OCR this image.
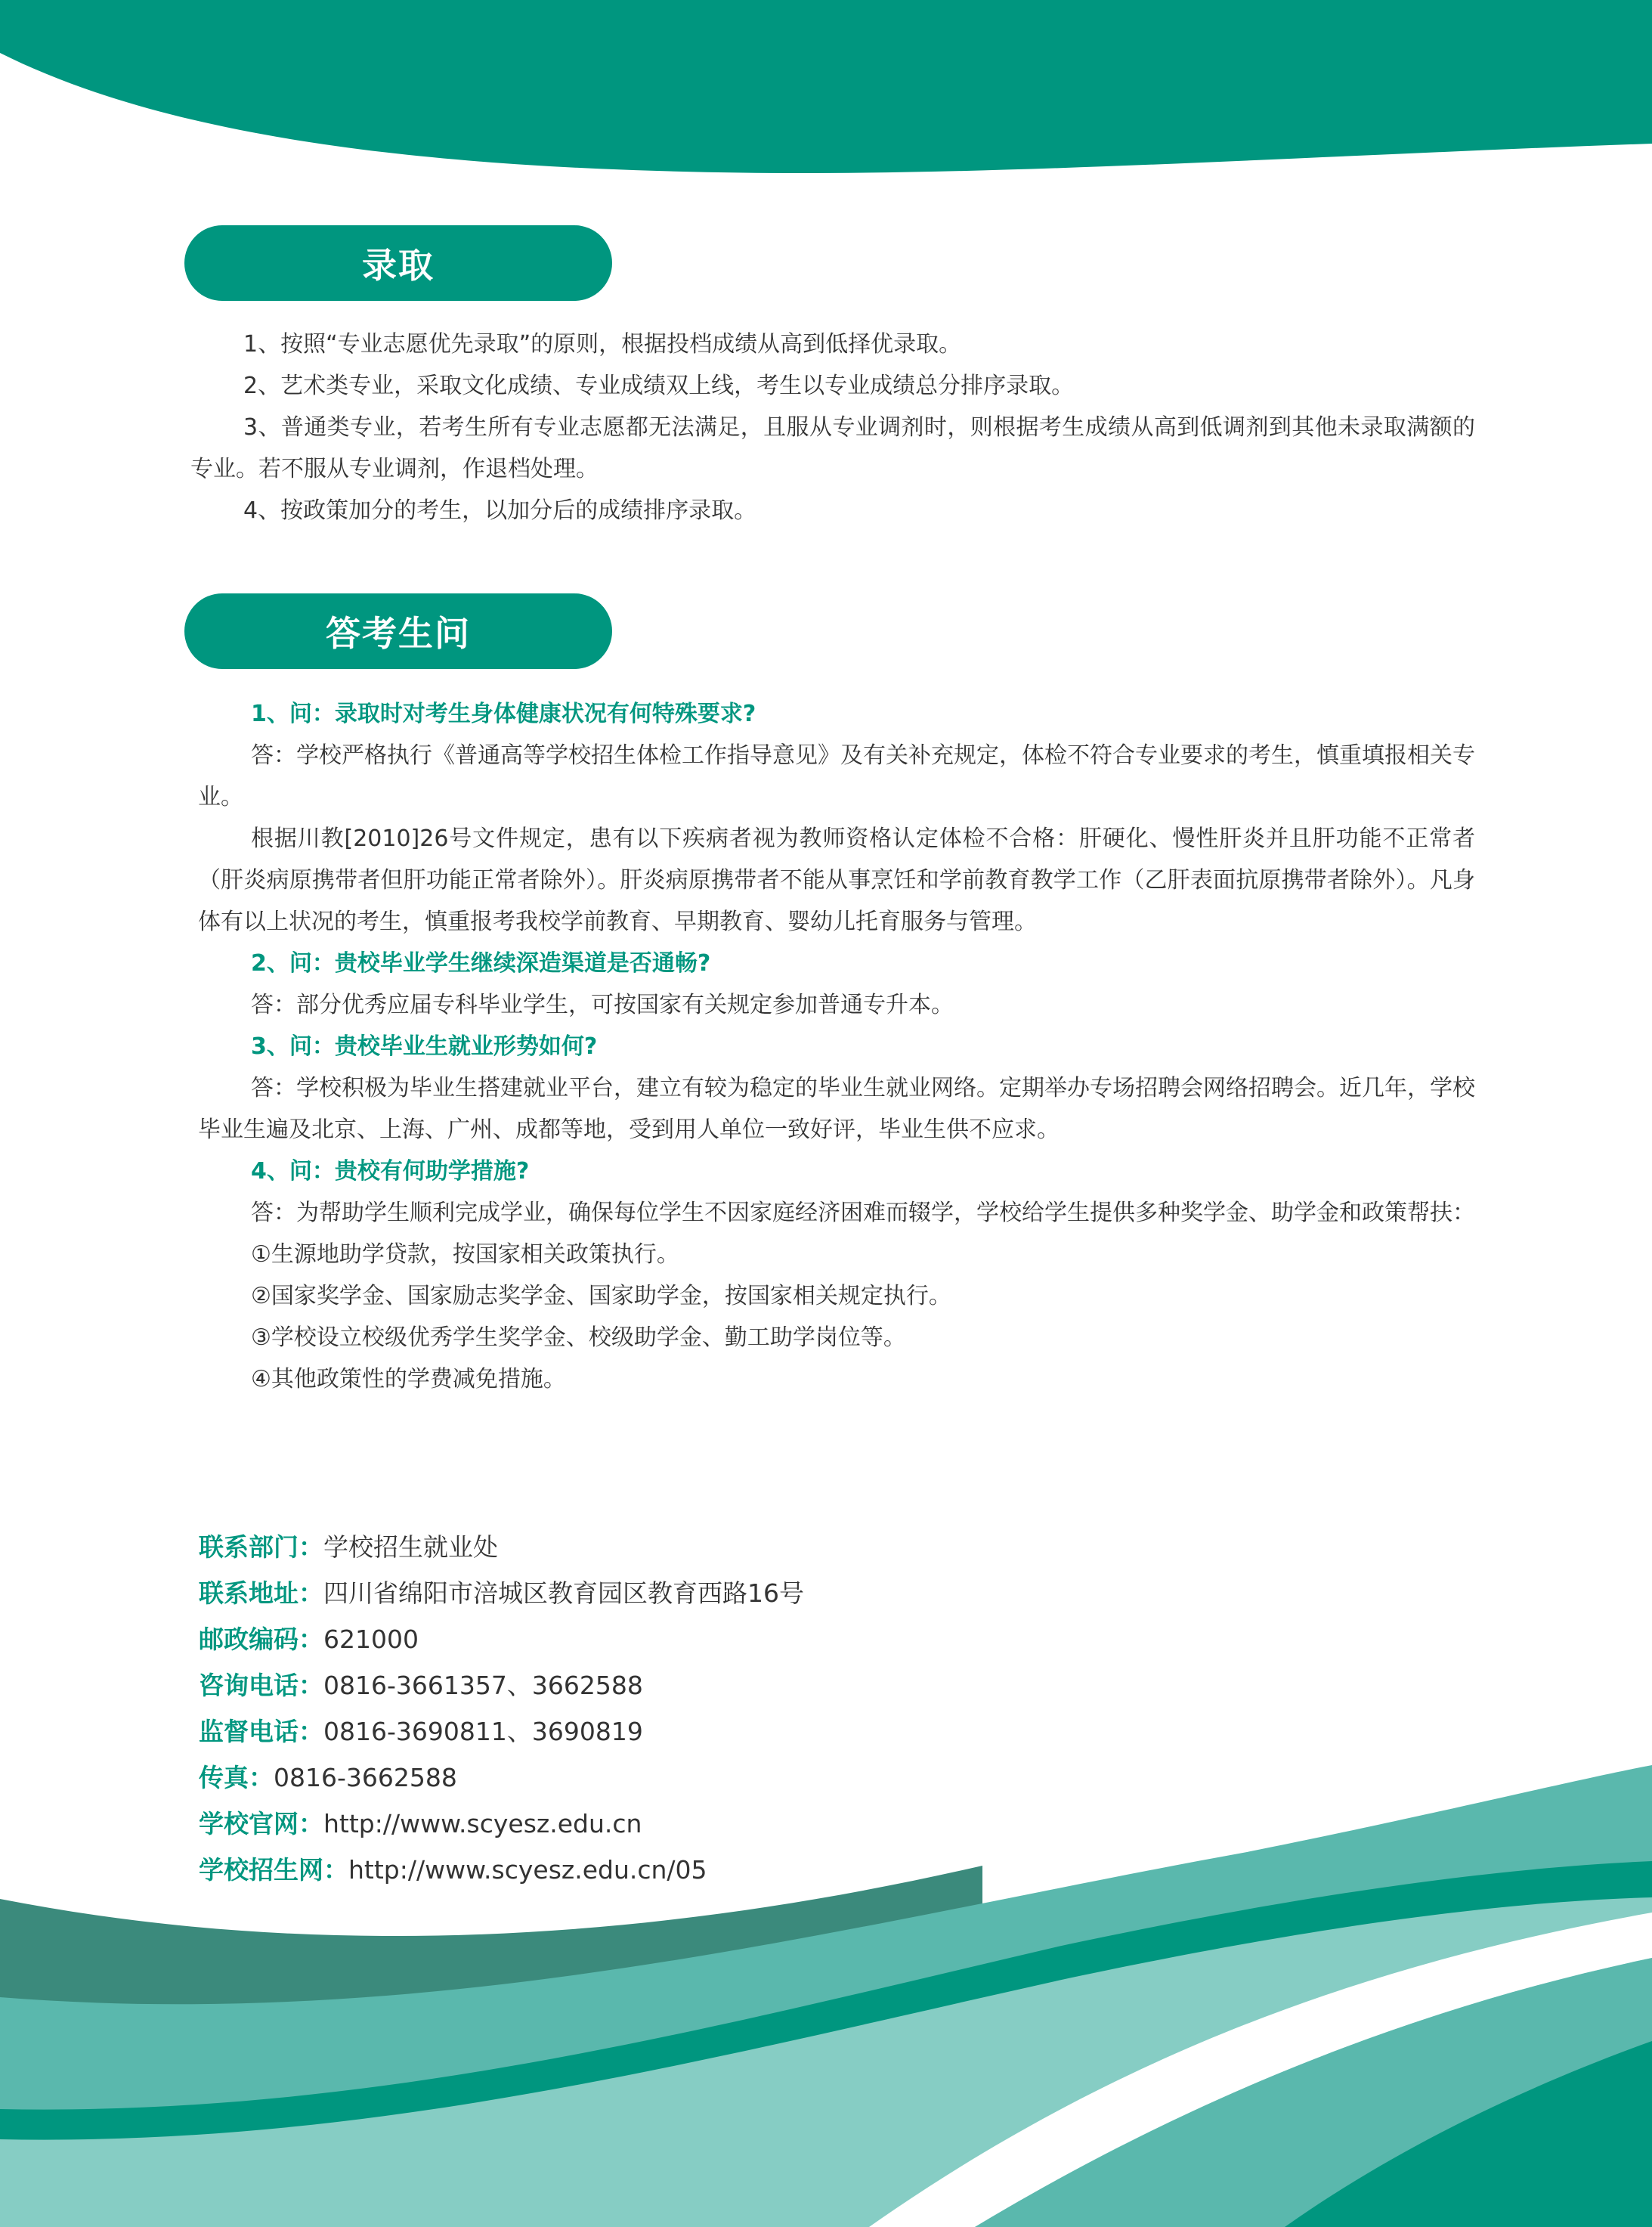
录取

1、按照“专业志愿优先录取”的原则，根据投档成绩从高到低择优录取。

2、艺术类专业，采取文化成绩、专业成绩双上线，考生以专业成绩总分排序录取。

3、普通类专业，若考生所有专业志愿都无法满足，且服从专业调剂时，则根据考生成绩从高到低调剂到其他未录取满额的专业。若不服从专业调剂，作退档处理。

4、按政策加分的考生，以加分后的成绩排序录取。

答考生问

1、问：录取时对考生身体健康状况有何特殊要求?

答：学校严格执行《普通高等学校招生体检工作指导意见》及有关补充规定，体检不符合专业要求的考生，慎重填报相关专业。

根据川教[2010]26号文件规定，患有以下疾病者视为教师资格认定体检不合格：肝硬化、慢性肝炎并且肝功能不正常者（肝炎病原携带者但肝功能正常者除外）。肝炎病原携带者不能从事烹饪和学前教育教学工作（乙肝表面抗原携带者除外）。凡身体有以上状况的考生，慎重报考我校学前教育、早期教育、婴幼儿托育服务与管理。

2、问：贵校毕业学生继续深造渠道是否通畅?

答：部分优秀应届专科毕业学生，可按国家有关规定参加普通专升本。

3、问：贵校毕业生就业形势如何?

答：学校积极为毕业生搭建就业平台，建立有较为稳定的毕业生就业网络。定期举办专场招聘会网络招聘会。近几年，学校毕业生遍及北京、上海、广州、成都等地，受到用人单位一致好评，毕业生供不应求。

4、问：贵校有何助学措施?

答：为帮助学生顺利完成学业，确保每位学生不因家庭经济困难而辍学，学校给学生提供多种奖学金、助学金和政策帮扶：

①生源地助学贷款，按国家相关政策执行。

②国家奖学金、国家励志奖学金、国家助学金，按国家相关规定执行。

③学校设立校级优秀学生奖学金、校级助学金、勤工助学岗位等。

④其他政策性的学费减免措施。

联系部门：学校招生就业处
联系地址：四川省绵阳市涪城区教育园区教育西路16号
邮政编码：621000
咨询电话：0816-3661357、3662588
监督电话：0816-3690811、3690819
传真：0816-3662588
学校官网：http://www.scyesz.edu.cn
学校招生网：http://www.scyesz.edu.cn/05
